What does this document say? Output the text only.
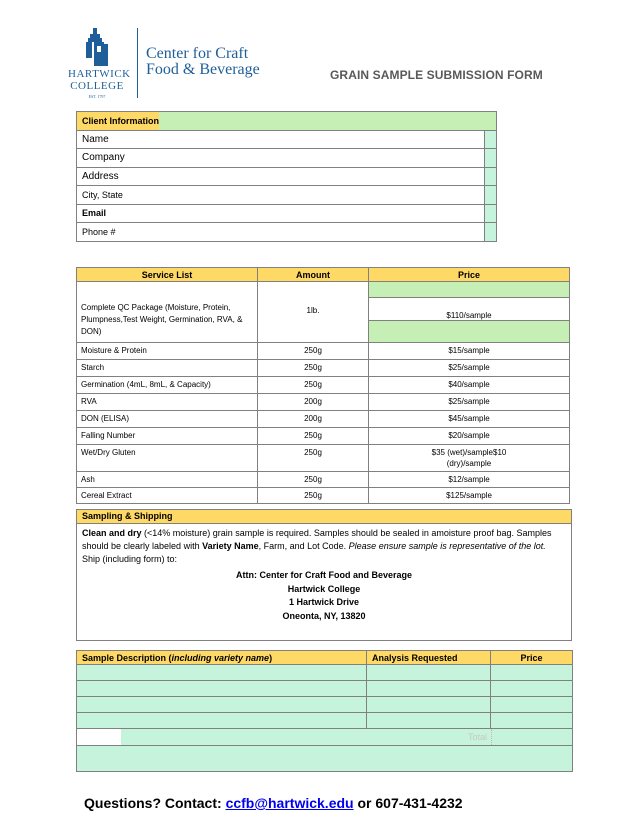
HARTWICK
COLLEGE
EST. 1797
Center for Craft
Food & Beverage	GRAIN SAMPLE SUBMISSION FORM
Client Information		
Name		
Company		
Address		
City, State		
Email		
Phone #		
Service List	Amount	Price

Complete QC Package (Moisture, Protein, Plumpness,Test Weight, Germination, RVA, & DON)	1lb.	$110/sample

Moisture & Protein	250g	$15/sample
Starch	250g	$25/sample
Germination (4mL, 8mL, & Capacity)	250g	$40/sample
RVA	200g	$25/sample
DON (ELISA)	200g	$45/sample
Falling Number	250g	$20/sample
Wet/Dry Gluten	250g	$35 (wet)/sample$10 (dry)/sample
Ash	250g	$12/sample
Cereal Extract	250g	$125/sample
Sampling & Shipping
Clean and dry (<14% moisture) grain sample is required. Samples should be sealed in amoisture proof bag. Samples should be clearly labeled with Variety Name, Farm, and Lot Code. Please ensure sample is representative of the lot.
Ship (including form) to:
Attn: Center for Craft Food and Beverage
Hartwick College
1 Hartwick Drive
Oneonta, NY, 13820
Sample Description (including variety name)	Analysis Requested	Price

Total		

Questions? Contact: ccfb@hartwick.edu or 607-431-4232
